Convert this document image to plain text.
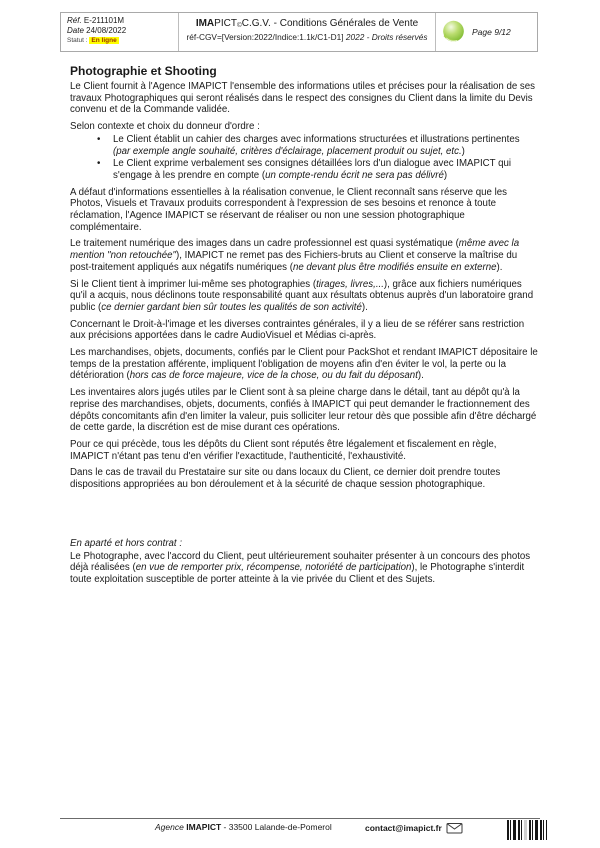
Réf. E-211101M
Date 24/08/2022
Statut : En ligne
IMAPICT©C.G.V. - Conditions Générales de Vente
réf-CGV=[Version:2022/Indice:1.1k/C1-D1] 2022 - Droits réservés	Page 9/12
Photographie et Shooting

Le Client fournit à l'Agence IMAPICT l'ensemble des informations utiles et précises pour la réalisation de ses travaux Photographiques qui seront réalisés dans le respect des consignes du Client dans la limite du Devis convenu et de la Commande validée.

Selon contexte et choix du donneur d'ordre :

• Le Client établit un cahier des charges avec informations structurées et illustrations pertinentes (par exemple angle souhaité, critères d'éclairage, placement produit ou sujet, etc.)
• Le Client exprime verbalement ses consignes détaillées lors d'un dialogue avec IMAPICT qui s'engage à les prendre en compte (un compte-rendu écrit ne sera pas délivré)

A défaut d'informations essentielles à la réalisation convenue, le Client reconnaît sans réserve que les Photos, Visuels et Travaux produits correspondent à l'expression de ses besoins et renonce à toute réclamation, l'Agence IMAPICT se réservant de réaliser ou non une session photographique complémentaire.

Le traitement numérique des images dans un cadre professionnel est quasi systématique (même avec la mention "non retouchée"), IMAPICT ne remet pas des Fichiers-bruts au Client et conserve la maîtrise du post-traitement appliqués aux négatifs numériques (ne devant plus être modifiés ensuite en externe).

Si le Client tient à imprimer lui-même ses photographies (tirages, livres,...), grâce aux fichiers numériques qu'il a acquis, nous déclinons toute responsabilité quant aux résultats obtenus auprès d'un laboratoire grand public (ce dernier gardant bien sûr toutes les qualités de son activité).

Concernant le Droit-à-l'image et les diverses contraintes générales, il y a lieu de se référer sans restriction aux précisions apportées dans le cadre AudioVisuel et Médias ci-après.

Les marchandises, objets, documents, confiés par le Client pour PackShot et rendant IMAPICT dépositaire le temps de la prestation afférente, impliquent l'obligation de moyens afin d'en éviter le vol, la perte ou la détérioration (hors cas de force majeure, vice de la chose, ou du fait du déposant).

Les inventaires alors jugés utiles par le Client sont à sa pleine charge dans le détail, tant au dépôt qu'à la reprise des marchandises, objets, documents, confiés à IMAPICT qui peut demander le fractionnement des dépôts concomitants afin d'en limiter la valeur, puis solliciter leur retour dès que possible afin d'être déchargé de cette garde, la discrétion est de mise durant ces opérations.

Pour ce qui précède, tous les dépôts du Client sont réputés être légalement et fiscalement en règle, IMAPICT n'étant pas tenu d'en vérifier l'exactitude, l'authenticité, l'exhaustivité.

Dans le cas de travail du Prestataire sur site ou dans locaux du Client, ce dernier doit prendre toutes dispositions appropriées au bon déroulement et à la sécurité de chaque session photographique.

En aparté et hors contrat :

Le Photographe, avec l'accord du Client, peut ultérieurement souhaiter présenter à un concours des photos déjà réalisées (en vue de remporter prix, récompense, notoriété de participation), le Photographe s'interdit toute exploitation susceptible de porter atteinte à la vie privée du Client et des Sujets.

Agence IMAPICT - 33500 Lalande-de-Pomerol	contact@imapict.fr
